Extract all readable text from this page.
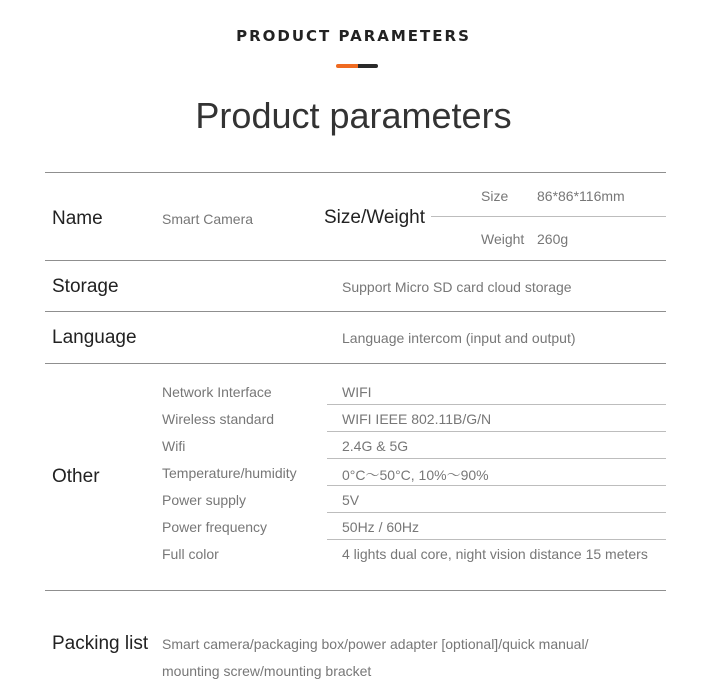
PRODUCT PARAMETERS
Product parameters
Name	Smart Camera	Size/Weight
Size 86*86*116mm
Weight 260g
Storage	Support Micro SD card cloud storage
Language	Language intercom (input and output)
Other
Network Interface	WIFI
Wireless standard	WIFI IEEE 802.11B/G/N
Wifi	2.4G & 5G
Temperature/humidity	0°C～50°C, 10%～90%
Power supply	5V
Power frequency	50Hz / 60Hz
Full color	4 lights dual core, night vision distance 15 meters
Packing list Smart camera/packaging box/power adapter [optional]/quick manual/
mounting screw/mounting bracket
